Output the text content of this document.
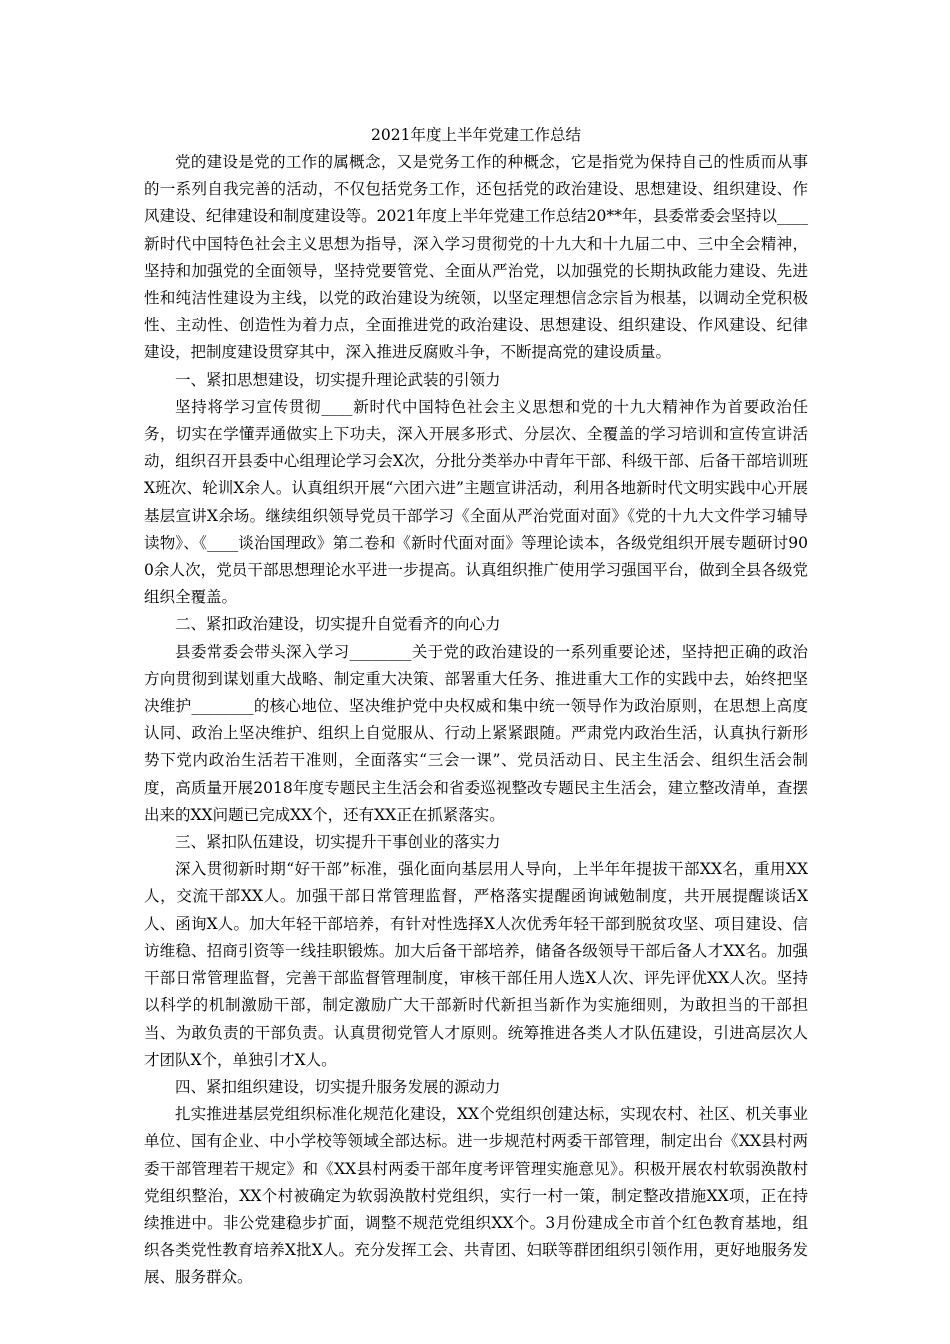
2021年度上半年党建工作总结

党的建设是党的工作的属概念，又是党务工作的种概念，它是指党为保持自己的性质而从事的一系列自我完善的活动，不仅包括党务工作，还包括党的政治建设、思想建设、组织建设、作风建设、纪律建设和制度建设等。2021年度上半年党建工作总结20**年，县委常委会坚持以____新时代中国特色社会主义思想为指导，深入学习贯彻党的十九大和十九届二中、三中全会精神，坚持和加强党的全面领导，坚持党要管党、全面从严治党，以加强党的长期执政能力建设、先进性和纯洁性建设为主线，以党的政治建设为统领，以坚定理想信念宗旨为根基，以调动全党积极性、主动性、创造性为着力点，全面推进党的政治建设、思想建设、组织建设、作风建设、纪律建设，把制度建设贯穿其中，深入推进反腐败斗争，不断提高党的建设质量。

一、紧扣思想建设，切实提升理论武装的引领力

坚持将学习宣传贯彻____新时代中国特色社会主义思想和党的十九大精神作为首要政治任务，切实在学懂弄通做实上下功夫，深入开展多形式、分层次、全覆盖的学习培训和宣传宣讲活动，组织召开县委中心组理论学习会X次，分批分类举办中青年干部、科级干部、后备干部培训班X班次、轮训X余人。认真组织开展“六团六进”主题宣讲活动，利用各地新时代文明实践中心开展基层宣讲X余场。继续组织领导党员干部学习《全面从严治党面对面》《党的十九大文件学习辅导读物》、《____谈治国理政》第二卷和《新时代面对面》等理论读本，各级党组织开展专题研讨900余人次，党员干部思想理论水平进一步提高。认真组织推广使用学习强国平台，做到全县各级党组织全覆盖。

二、紧扣政治建设，切实提升自觉看齐的向心力

县委常委会带头深入学习________关于党的政治建设的一系列重要论述，坚持把正确的政治方向贯彻到谋划重大战略、制定重大决策、部署重大任务、推进重大工作的实践中去，始终把坚决维护________的核心地位、坚决维护党中央权威和集中统一领导作为政治原则，在思想上高度认同、政治上坚决维护、组织上自觉服从、行动上紧紧跟随。严肃党内政治生活，认真执行新形势下党内政治生活若干准则，全面落实“三会一课”、党员活动日、民主生活会、组织生活会制度，高质量开展2018年度专题民主生活会和省委巡视整改专题民主生活会，建立整改清单，查摆出来的XX问题已完成XX个，还有XX正在抓紧落实。

三、紧扣队伍建设，切实提升干事创业的落实力

深入贯彻新时期“好干部”标准，强化面向基层用人导向，上半年年提拔干部XX名，重用XX人，交流干部XX人。加强干部日常管理监督，严格落实提醒函询诫勉制度，共开展提醒谈话X人、函询X人。加大年轻干部培养，有针对性选择X人次优秀年轻干部到脱贫攻坚、项目建设、信访维稳、招商引资等一线挂职锻炼。加大后备干部培养，储备各级领导干部后备人才XX名。加强干部日常管理监督，完善干部监督管理制度，审核干部任用人选X人次、评先评优XX人次。坚持以科学的机制激励干部，制定激励广大干部新时代新担当新作为实施细则，为敢担当的干部担当、为敢负责的干部负责。认真贯彻党管人才原则。统筹推进各类人才队伍建设，引进高层次人才团队X个，单独引才X人。

四、紧扣组织建设，切实提升服务发展的源动力

扎实推进基层党组织标准化规范化建设，XX个党组织创建达标，实现农村、社区、机关事业单位、国有企业、中小学校等领域全部达标。进一步规范村两委干部管理，制定出台《XX县村两委干部管理若干规定》和《XX县村两委干部年度考评管理实施意见》。积极开展农村软弱涣散村党组织整治，XX个村被确定为软弱涣散村党组织，实行一村一策，制定整改措施XX项，正在持续推进中。非公党建稳步扩面，调整不规范党组织XX个。3月份建成全市首个红色教育基地，组织各类党性教育培养X批X人。充分发挥工会、共青团、妇联等群团组织引领作用，更好地服务发展、服务群众。
